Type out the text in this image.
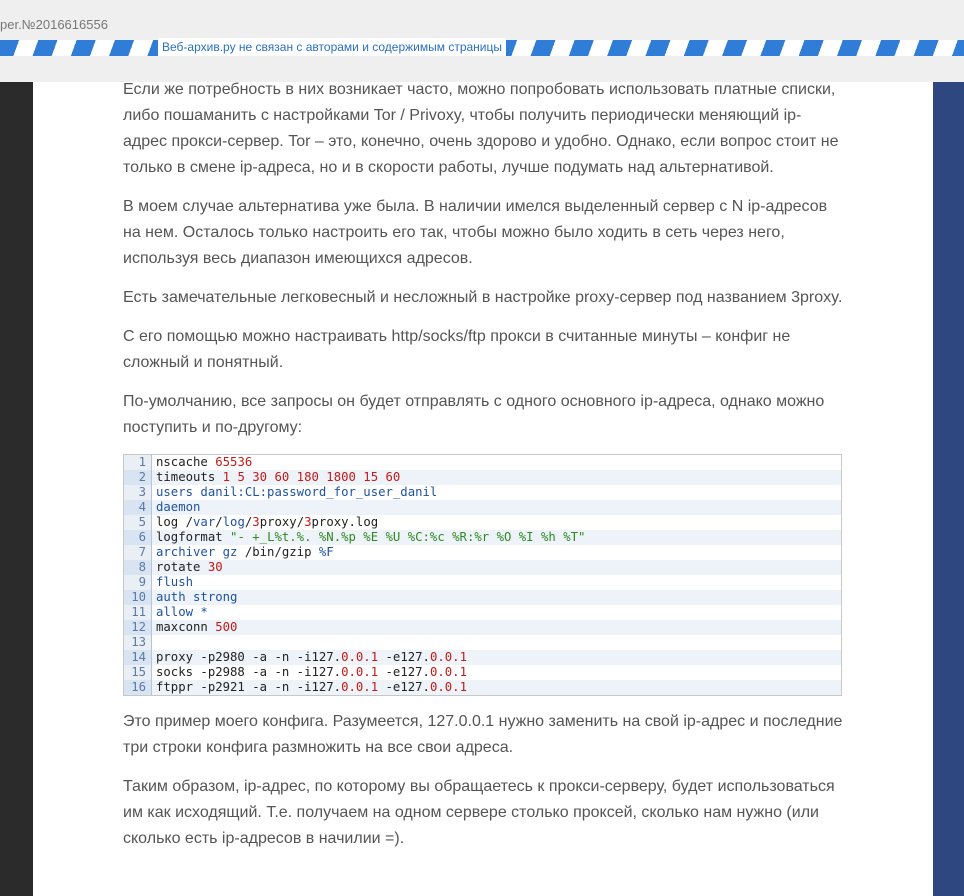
per.№2016616556
Веб-архив.ру не связан с авторами и содержимым страницы

Если же потребность в них возникает часто, можно попробовать использовать платные списки, либо пошаманить с настройками Tor / Privoxy, чтобы получить периодически меняющий ip-адрес прокси-сервер. Tor – это, конечно, очень здорово и удобно. Однако, если вопрос стоит не только в смене ip-адреса, но и в скорости работы, лучше подумать над альтернативой.

В моем случае альтернатива уже была. В наличии имелся выделенный сервер с N ip-адресов на нем. Осталось только настроить его так, чтобы можно было ходить в сеть через него, используя весь диапазон имеющихся адресов.

Есть замечательные легковесный и несложный в настройке proxy-сервер под названием 3proxy.

С его помощью можно настраивать http/socks/ftp прокси в считанные минуты – конфиг не сложный и понятный.

По-умолчанию, все запросы он будет отправлять с одного основного ip-адреса, однако можно поступить и по-другому:

1 nscache 65536
2 timeouts 1 5 30 60 180 1800 15 60
3 users danil:CL:password_for_user_danil
4 daemon
5 log /var/log/3proxy/3proxy.log
6 logformat "- +_L%t.%. %N.%p %E %U %C:%c %R:%r %O %I %h %T"
7 archiver gz /bin/gzip %F
8 rotate 30
9 flush
10 auth strong
11 allow *
12 maxconn 500
13
14 proxy -p2980 -a -n -i127.0.0.1 -e127.0.0.1
15 socks -p2988 -a -n -i127.0.0.1 -e127.0.0.1
16 ftppr -p2921 -a -n -i127.0.0.1 -e127.0.0.1

Это пример моего конфига. Разумеется, 127.0.0.1 нужно заменить на свой ip-адрес и последние три строки конфига размножить на все свои адреса.

Таким образом, ip-адрес, по которому вы обращаетесь к прокси-серверу, будет использоваться им как исходящий. Т.е. получаем на одном сервере столько проксей, сколько нам нужно (или сколько есть ip-адресов в начилии =).
